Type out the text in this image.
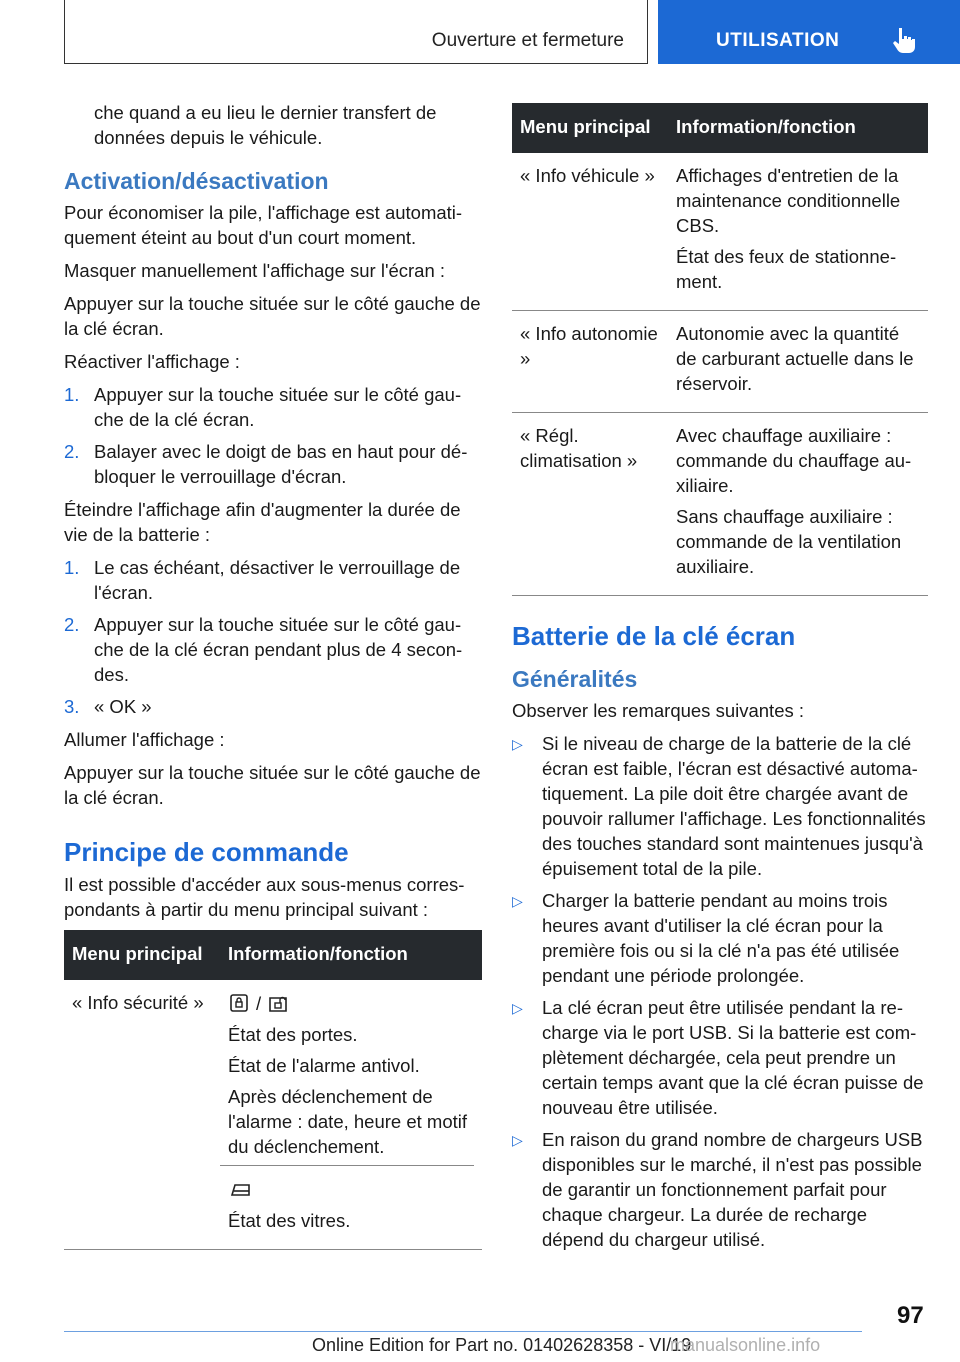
Ouverture et fermeture	UTILISATION

che quand a eu lieu le dernier transfert de données depuis le véhicule.

Activation/désactivation

Pour économiser la pile, l'affichage est automatiquement éteint au bout d'un court moment.

Masquer manuellement l'affichage sur l'écran :

Appuyer sur la touche située sur le côté gauche de la clé écran.

Réactiver l'affichage :

1. Appuyer sur la touche située sur le côté gauche de la clé écran.
2. Balayer avec le doigt de bas en haut pour débloquer le verrouillage d'écran.

Éteindre l'affichage afin d'augmenter la durée de vie de la batterie :

1. Le cas échéant, désactiver le verrouillage de l'écran.
2. Appuyer sur la touche située sur le côté gauche de la clé écran pendant plus de 4 secondes.
3. « OK »

Allumer l'affichage :

Appuyer sur la touche située sur le côté gauche de la clé écran.

Principe de commande

Il est possible d'accéder aux sous-menus correspondants à partir du menu principal suivant :

Menu principal	Information/fonction
« Info sécurité »	/

État des portes.

État de l'alarme antivol.

Après déclenchement de l'alarme : date, heure et motif du déclenchement.

État des vitres.

Menu principal	Information/fonction
« Info véhicule »	Affichages d'entretien de la maintenance conditionnelle CBS.

État des feux de stationnement.

« Info autonomie »	Autonomie avec la quantité de carburant actuelle dans le réservoir.

« Régl. climatisation »	Avec chauffage auxiliaire : commande du chauffage auxiliaire.

Sans chauffage auxiliaire : commande de la ventilation auxiliaire.

Batterie de la clé écran
Généralités

Observer les remarques suivantes :

▷ Si le niveau de charge de la batterie de la clé écran est faible, l'écran est désactivé automatiquement. La pile doit être chargée avant de pouvoir rallumer l'affichage. Les fonctionnalités des touches standard sont maintenues jusqu'à épuisement total de la pile.
▷ Charger la batterie pendant au moins trois heures avant d'utiliser la clé écran pour la première fois ou si la clé n'a pas été utilisée pendant une période prolongée.
▷ La clé écran peut être utilisée pendant la recharge via le port USB. Si la batterie est complètement déchargée, cela peut prendre un certain temps avant que la clé écran puisse de nouveau être utilisée.
▷ En raison du grand nombre de chargeurs USB disponibles sur le marché, il n'est pas possible de garantir un fonctionnement parfait pour chaque chargeur. La durée de recharge dépend du chargeur utilisé.
97
Online Edition for Part no. 01402628358 - VI/19
manualsonline.info
